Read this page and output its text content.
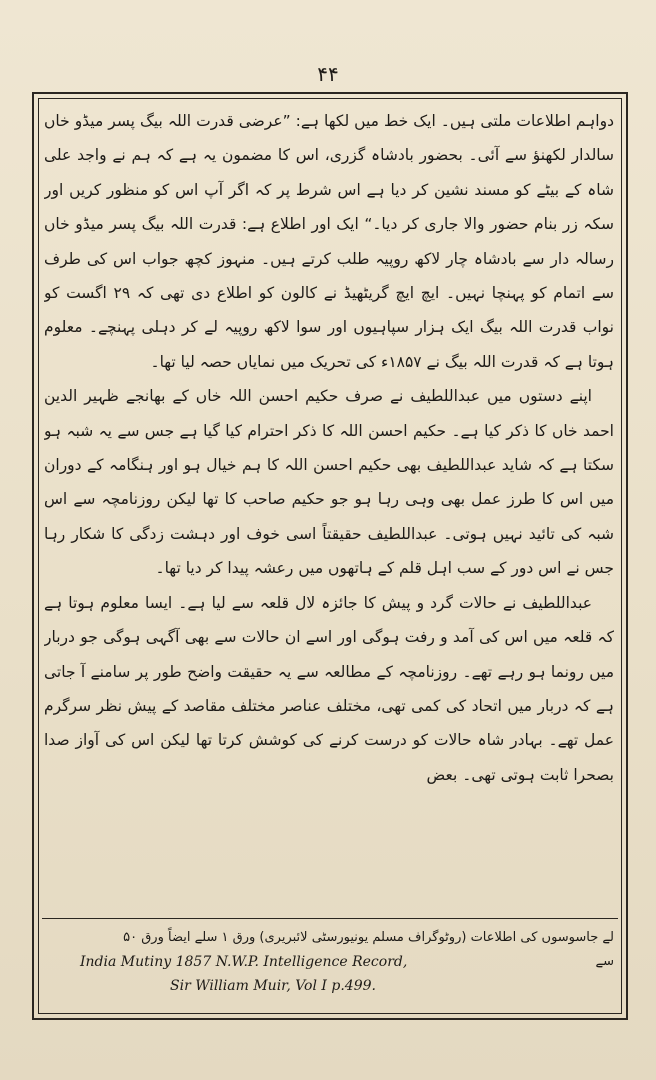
۴۴

دواہم اطلاعات ملتی ہیں۔ ایک خط میں لکھا ہے: ”عرضی قدرت اللہ بیگ پسر میڈو خاں سالدار لکھنؤ سے آئی۔ بحضور بادشاہ گزری، اس کا مضمون یہ ہے کہ ہم نے واجد علی شاہ کے بیٹے کو مسند نشین کر دیا ہے اس شرط پر کہ اگر آپ اس کو منظور کریں اور سکہ زر بنام حضور والا جاری کر دیا۔“ ایک اور اطلاع ہے: قدرت اللہ بیگ پسر میڈو خاں رسالہ دار سے بادشاہ چار لاکھ روپیہ طلب کرتے ہیں۔ منہوز کچھ جواب اس کی طرف سے اتمام کو پہنچا نہیں۔ ایچ ایچ گریٹھیڈ نے کالون کو اطلاع دی تھی کہ ۲۹ اگست کو نواب قدرت اللہ بیگ ایک ہزار سپاہیوں اور سوا لاکھ روپیہ لے کر دہلی پہنچے۔ معلوم ہوتا ہے کہ قدرت اللہ بیگ نے ۱۸۵۷ء کی تحریک میں نمایاں حصہ لیا تھا۔

اپنے دستوں میں عبداللطیف نے صرف حکیم احسن اللہ خاں کے بھانجے ظہیر الدین احمد خاں کا ذکر کیا ہے۔ حکیم احسن اللہ کا ذکر احترام کیا گیا ہے جس سے یہ شبہ ہو سکتا ہے کہ شاید عبداللطیف بھی حکیم احسن اللہ کا ہم خیال ہو اور ہنگامہ کے دوران میں اس کا طرز عمل بھی وہی رہا ہو جو حکیم صاحب کا تھا لیکن روزنامچہ سے اس شبہ کی تائید نہیں ہوتی۔ عبداللطیف حقیقتاً اسی خوف اور دہشت زدگی کا شکار رہا جس نے اس دور کے سب اہل قلم کے ہاتھوں میں رعشہ پیدا کر دیا تھا۔

عبداللطیف نے حالات گرد و پیش کا جائزہ لال قلعہ سے لیا ہے۔ ایسا معلوم ہوتا ہے کہ قلعہ میں اس کی آمد و رفت ہوگی اور اسے ان حالات سے بھی آگہی ہوگی جو دربار میں رونما ہو رہے تھے۔ روزنامچہ کے مطالعہ سے یہ حقیقت واضح طور پر سامنے آ جاتی ہے کہ دربار میں اتحاد کی کمی تھی، مختلف عناصر مختلف مقاصد کے پیش نظر سرگرم عمل تھے۔ بہادر شاہ حالات کو درست کرنے کی کوشش کرتا تھا لیکن اس کی آواز صدا بصحرا ثابت ہوتی تھی۔ بعض

لے جاسوسوں کی اطلاعات (روٹوگراف مسلم یونیورسٹی لائبریری) ورق ۱ سلے ایضاً ورق ۵۰
سے
India Mutiny 1857 N.W.P. Intelligence Record,
Sir William Muir, Vol I p.499.
